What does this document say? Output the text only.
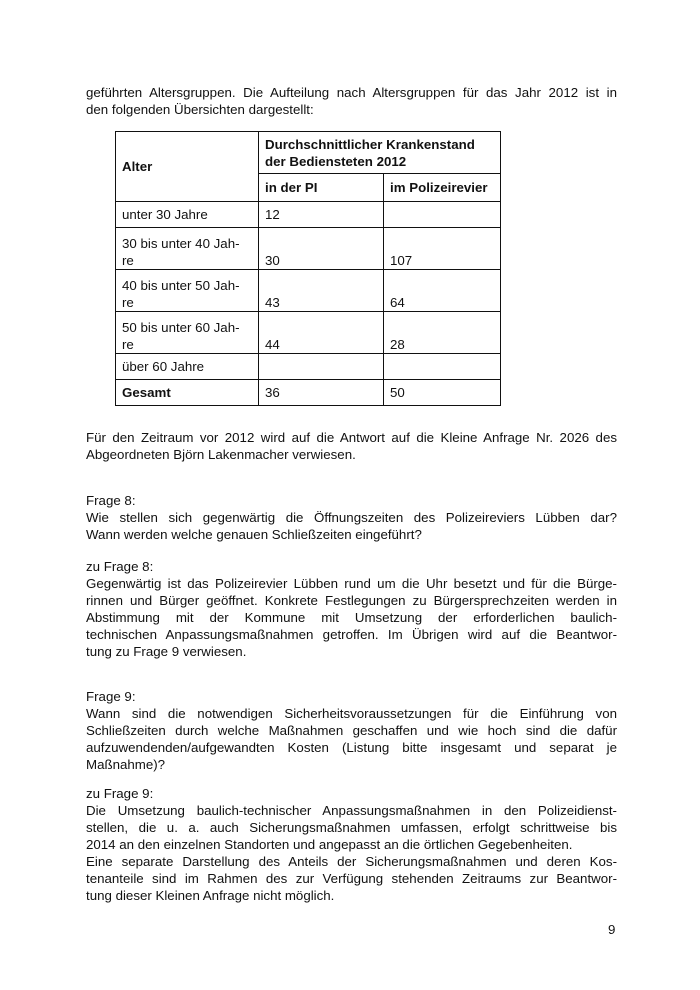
geführten Altersgruppen. Die Aufteilung nach Altersgruppen für das Jahr 2012 ist in
den folgenden Übersichten dargestellt:
Alter	Durchschnittlicher Krankenstand
der Bediensteten 2012	

	in der PI	im Polizeirevier
unter 30 Jahre	12	

30 bis unter 40 Jah-
re	30	107

40 bis unter 50 Jah-
re	43	64

50 bis unter 60 Jah-
re	44	28
über 60 Jahre		
Gesamt	36	50
Für den Zeitraum vor 2012 wird auf die Antwort auf die Kleine Anfrage Nr. 2026 des
Abgeordneten Björn Lakenmacher verwiesen.
Frage 8:
Wie stellen sich gegenwärtig die Öffnungszeiten des Polizeireviers Lübben dar?
Wann werden welche genauen Schließzeiten eingeführt?
zu Frage 8:
Gegenwärtig ist das Polizeirevier Lübben rund um die Uhr besetzt und für die Bürge-
rinnen und Bürger geöffnet. Konkrete Festlegungen zu Bürgersprechzeiten werden in
Abstimmung mit der Kommune mit Umsetzung der erforderlichen baulich-
technischen Anpassungsmaßnahmen getroffen. Im Übrigen wird auf die Beantwor-
tung zu Frage 9 verwiesen.
Frage 9:
Wann sind die notwendigen Sicherheitsvoraussetzungen für die Einführung von
Schließzeiten durch welche Maßnahmen geschaffen und wie hoch sind die dafür
aufzuwendenden/aufgewandten Kosten (Listung bitte insgesamt und separat je
Maßnahme)?
zu Frage 9:
Die Umsetzung baulich-technischer Anpassungsmaßnahmen in den Polizeidienst-
stellen, die u. a. auch Sicherungsmaßnahmen umfassen, erfolgt schrittweise bis
2014 an den einzelnen Standorten und angepasst an die örtlichen Gegebenheiten.
Eine separate Darstellung des Anteils der Sicherungsmaßnahmen und deren Kos-
tenanteile sind im Rahmen des zur Verfügung stehenden Zeitraums zur Beantwor-
tung dieser Kleinen Anfrage nicht möglich.
9
